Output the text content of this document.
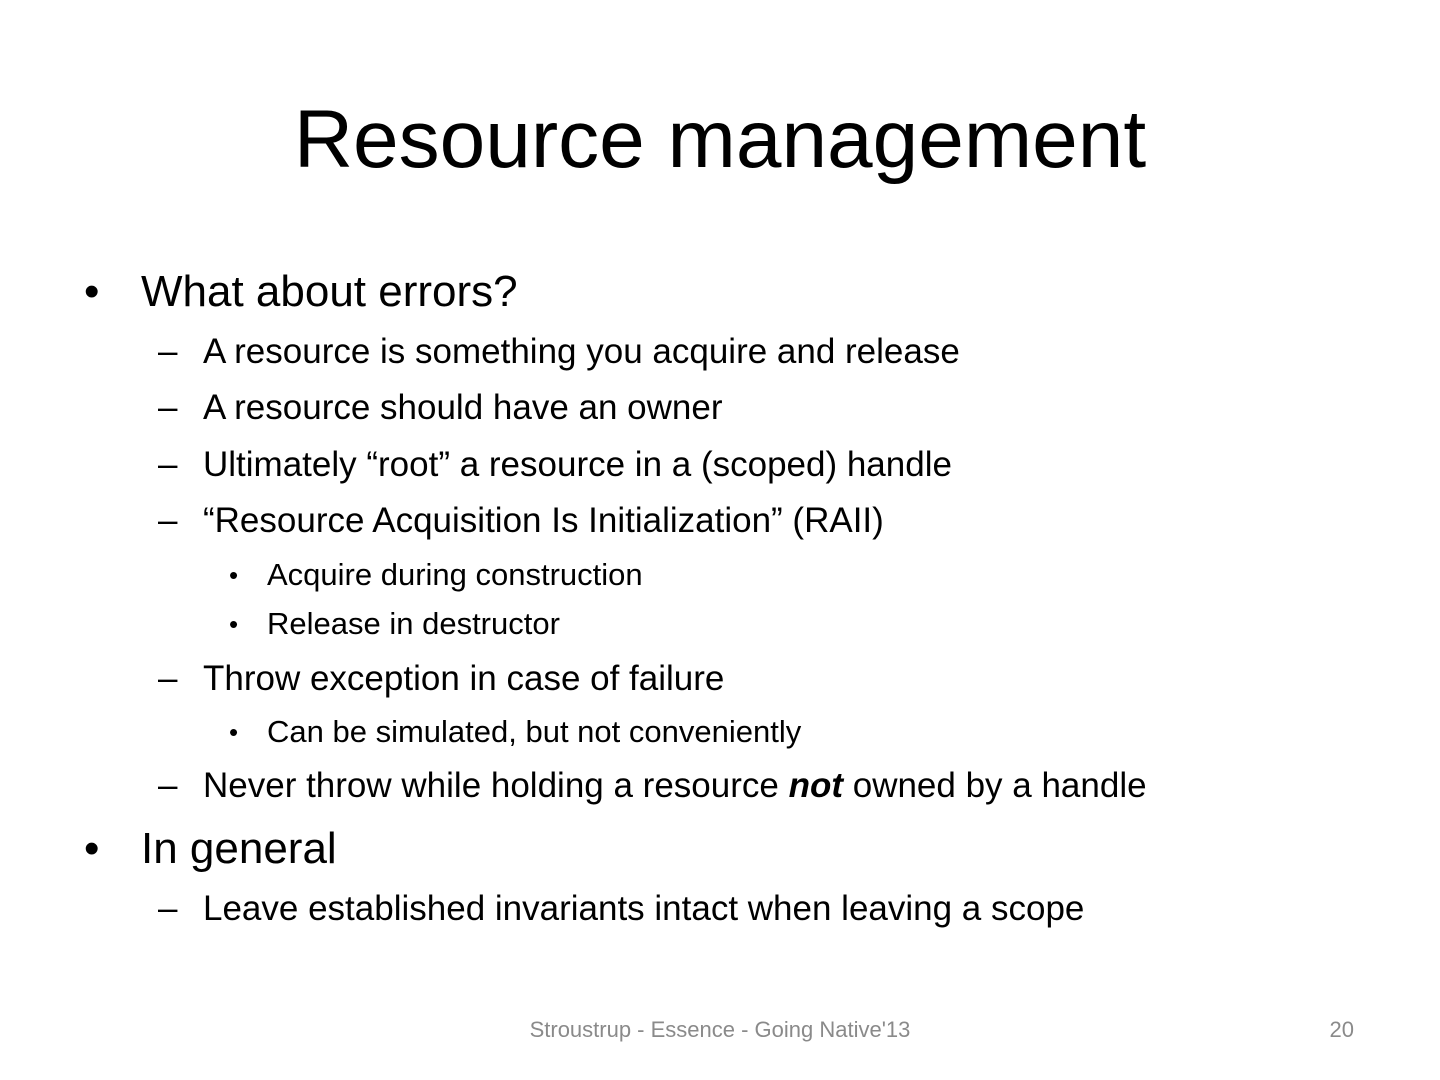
Resource management
• What about errors?
– A resource is something you acquire and release
– A resource should have an owner
– Ultimately “root” a resource in a (scoped) handle
– “Resource Acquisition Is Initialization” (RAII)
• Acquire during construction
• Release in destructor
– Throw exception in case of failure
• Can be simulated, but not conveniently
– Never throw while holding a resource not owned by a handle
• In general
– Leave established invariants intact when leaving a scope
Stroustrup - Essence - Going Native'13	20
